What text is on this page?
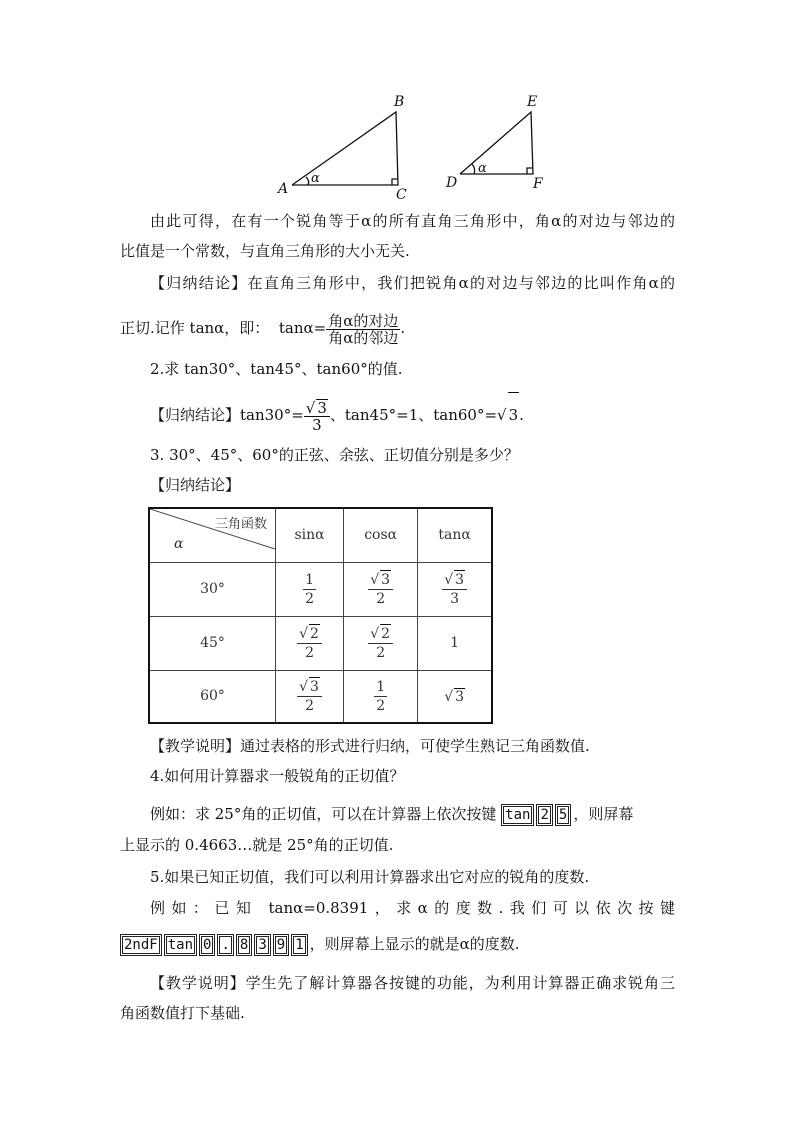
A
B
C
α	D
E
F
α
由此可得，在有一个锐角等于α的所有直角三角形中，角α的对边与邻边的
比值是一个常数，与直角三角形的大小无关.
【归纳结论】在直角三角形中，我们把锐角α的对边与邻边的比叫作角α的
正切.记作 tanα，即： $\tan\alpha= \frac{\text{角α的对边}}{\text{角α的邻边}}$ .
2.求 tan30°、tan45°、tan60°的值.
【归纳结论】$\tan 30^\circ= \frac{√ 3}{3}$ 、tan45°=1、tan60°=√ 3.
3. 30°、45°、60°的正弦、余弦、正切值分别是多少？
【归纳结论】
三角函数
α	sinα	cosα	tanα
30°	$\frac{1}{2}$	$\frac{√ 3}{2}$	$\frac{√ 3}{3}$

45°	$\frac{√ 2}{2}$	$\frac{√ 2}{2}$	1
60°	$\frac{√ 3}{2}$	$\frac{1}{2}$	√ 3
【教学说明】通过表格的形式进行归纳，可使学生熟记三角函数值.
4.如何用计算器求一般锐角的正切值？
例如：求 25°角的正切值，可以在计算器上依次按键 tan 2 5 ，则屏幕
上显示的 0.4663…就是 25°角的正切值.
5.如果已知正切值，我们可以利用计算器求出它对应的锐角的度数.
例如：已知 tanα=0.8391，求α的度数.我们可以依次按键
2ndF tan 0 . 8 3 9 1 ，则屏幕上显示的就是α的度数.
【教学说明】学生先了解计算器各按键的功能，为利用计算器正确求锐角三
角函数值打下基础.
